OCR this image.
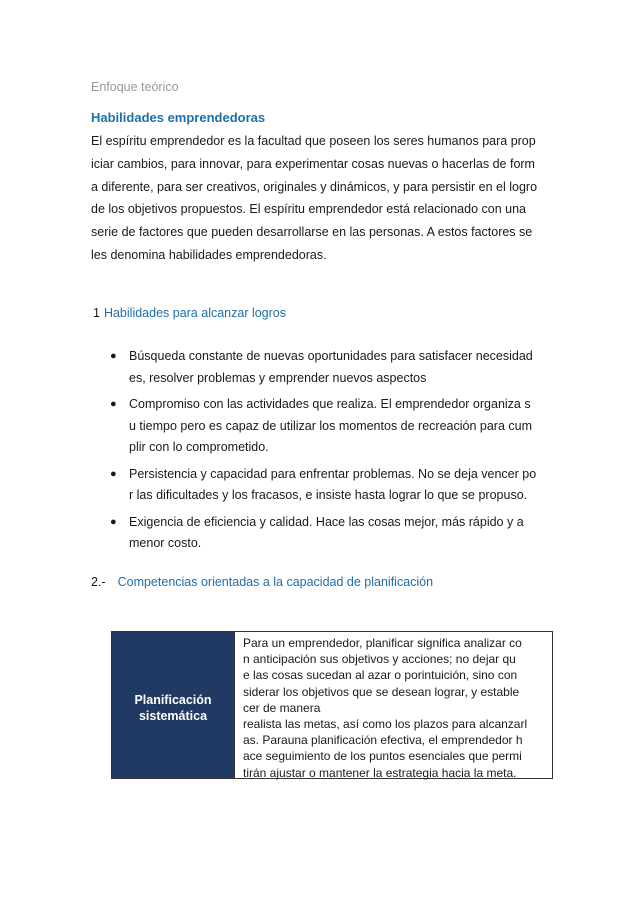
Enfoque teórico
Habilidades emprendedoras
El espíritu emprendedor es la facultad que poseen los seres humanos para prop
iciar cambios, para innovar, para experimentar cosas nuevas o hacerlas de form
a diferente, para ser creativos, originales y dinámicos, y para persistir en el logro
de los objetivos propuestos. El espíritu emprendedor está relacionado con una
serie de factores que pueden desarrollarse en las personas. A estos factores se
les denomina habilidades emprendedoras.
1 Habilidades para alcanzar logros
● Búsqueda constante de nuevas oportunidades para satisfacer necesidad
es, resolver problemas y emprender nuevos aspectos
● Compromiso con las actividades que realiza. El emprendedor organiza s
u tiempo pero es capaz de utilizar los momentos de recreación para cum
plir con lo comprometido.
● Persistencia y capacidad para enfrentar problemas. No se deja vencer po
r las dificultades y los fracasos, e insiste hasta lograr lo que se propuso.
● Exigencia de eficiencia y calidad. Hace las cosas mejor, más rápido y a
menor costo.
2.- Competencias orientadas a la capacidad de planificación
Planificación
sistemática
Para un emprendedor, planificar significa analizar co
n anticipación sus objetivos y acciones; no dejar qu
e las cosas sucedan al azar o porintuición, sino con
siderar los objetivos que se desean lograr, y estable
cer de manera
realista las metas, así como los plazos para alcanzarl
as. Parauna planificación efectiva, el emprendedor h
ace seguimiento de los puntos esenciales que permi
tirán ajustar o mantener la estrategia hacia la meta.
